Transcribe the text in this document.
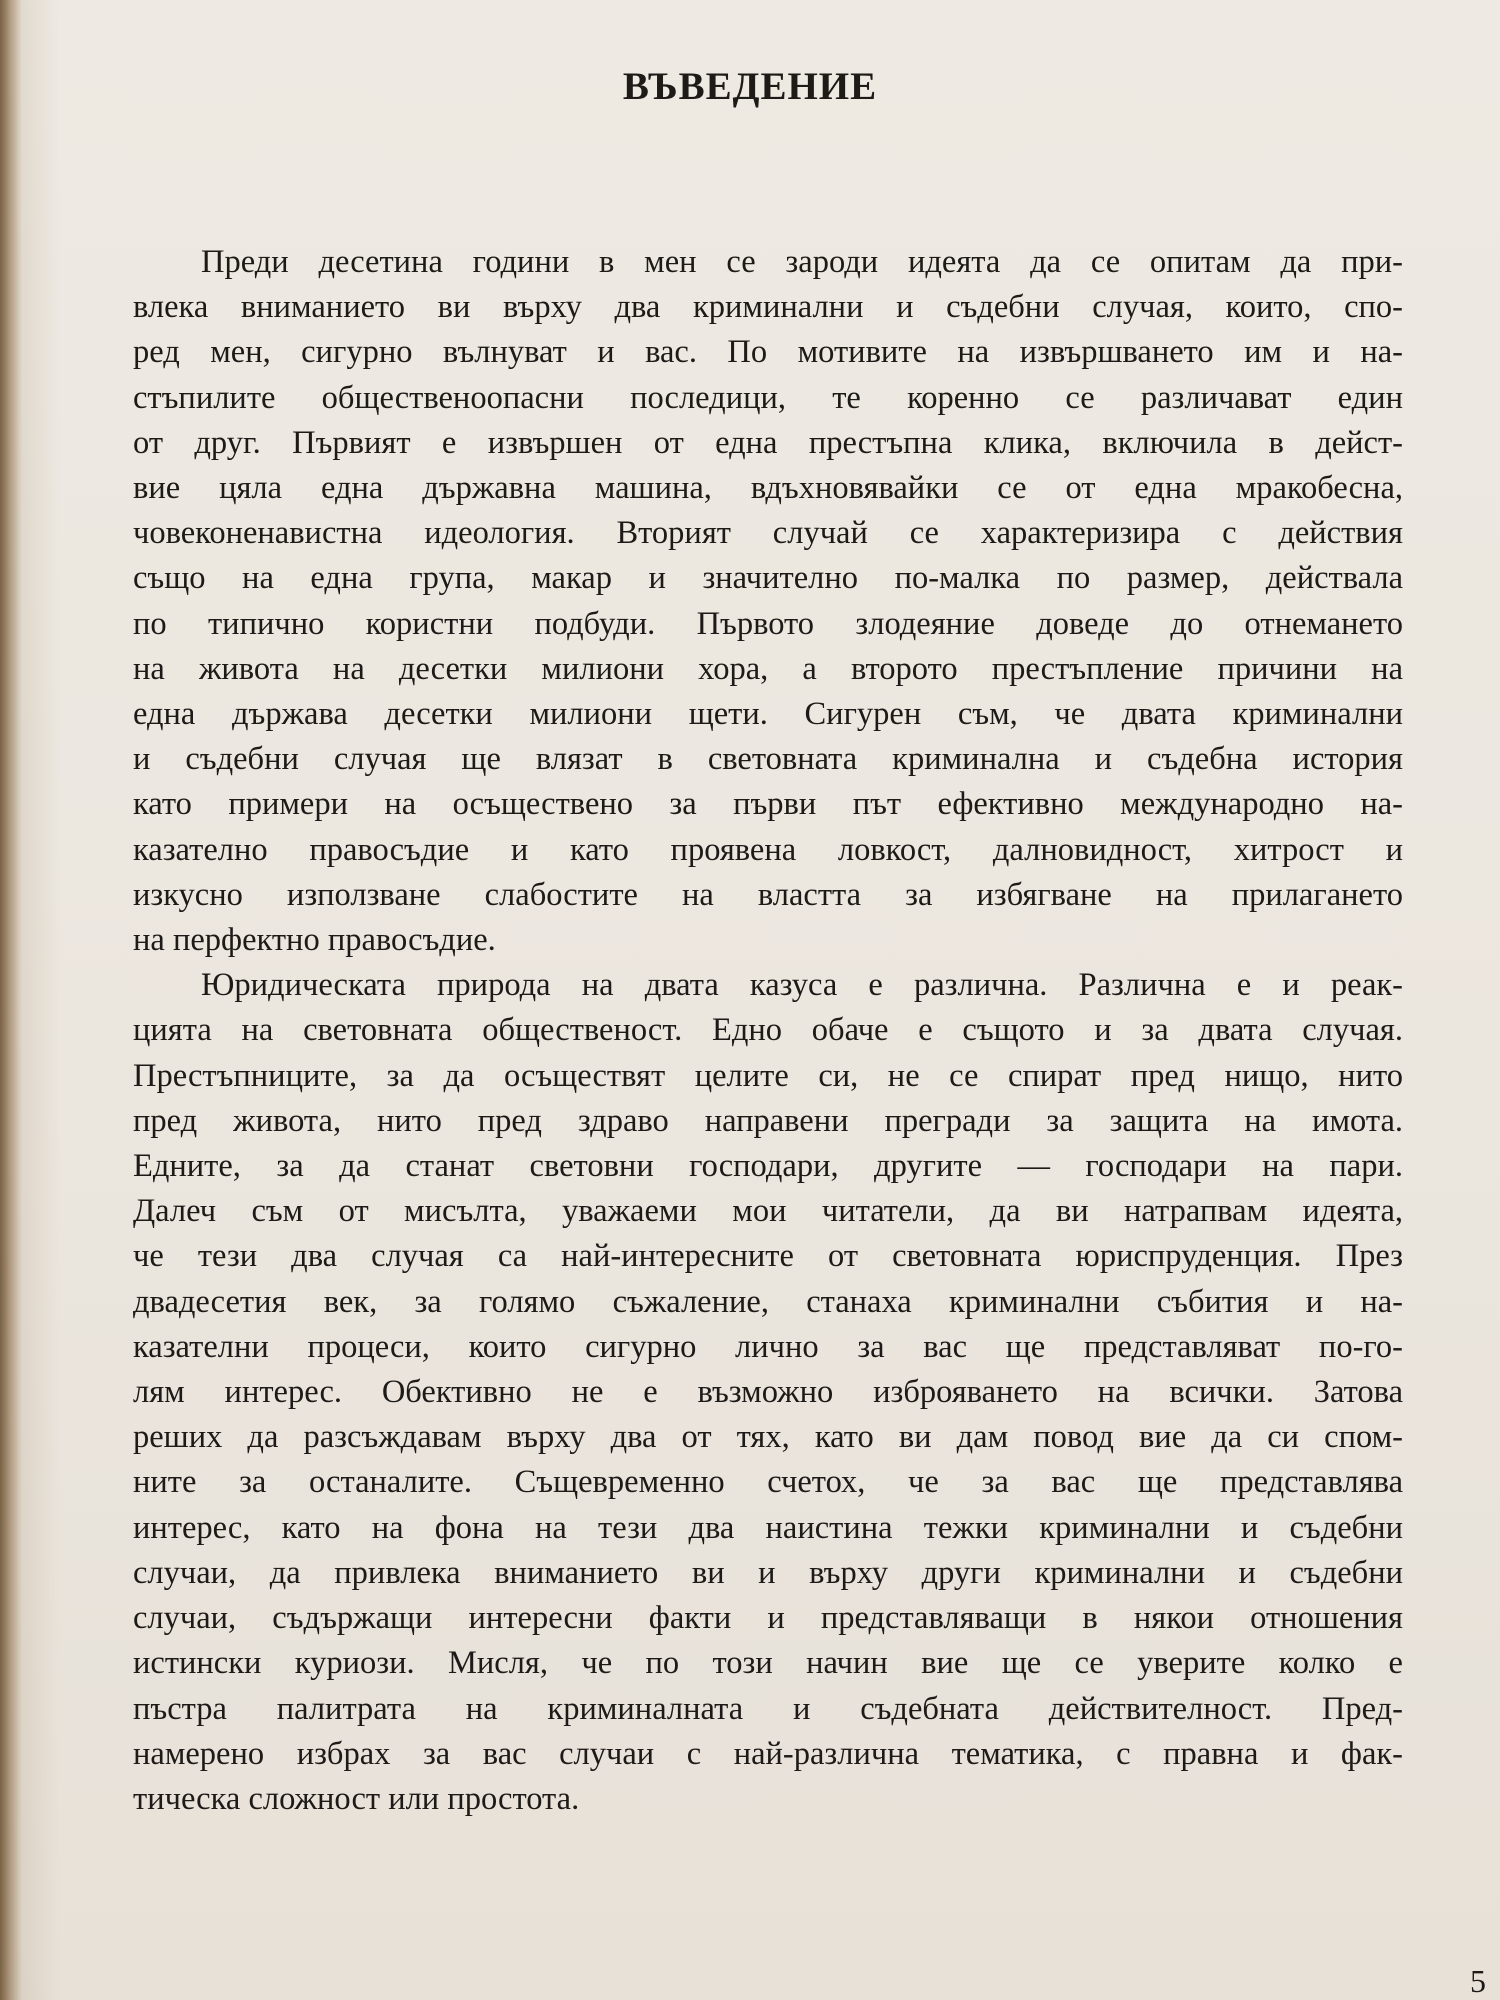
ВЪВЕДЕНИЕ

Преди десетина години в мен се зароди идеята да се опитам да при-
влека вниманието ви върху два криминални и съдебни случая, които, спо-
ред мен, сигурно вълнуват и вас. По мотивите на извършването им и на-
стъпилите общественоопасни последици, те коренно се различават един
от друг. Първият е извършен от една престъпна клика, включила в дейст-
вие цяла една държавна машина, вдъхновявайки се от една мракобесна,
човеконенавистна идеология. Вторият случай се характеризира с действия
също на една група, макар и значително по-малка по размер, действала
по типично користни подбуди. Първото злодеяние доведе до отнемането
на живота на десетки милиони хора, а второто престъпление причини на
една държава десетки милиони щети. Сигурен съм, че двата криминални
и съдебни случая ще влязат в световната криминална и съдебна история
като примери на осъществено за първи път ефективно международно на-
казателно правосъдие и като проявена ловкост, далновидност, хитрост и
изкусно използване слабостите на властта за избягване на прилагането
на перфектно правосъдие.

Юридическата природа на двата казуса е различна. Различна е и реак-
цията на световната общественост. Едно обаче е същото и за двата случая.
Престъпниците, за да осъществят целите си, не се спират пред нищо, нито
пред живота, нито пред здраво направени прегради за защита на имота.
Едните, за да станат световни господари, другите — господари на пари.
Далеч съм от мисълта, уважаеми мои читатели, да ви натрапвам идеята,
че тези два случая са най-интересните от световната юриспруденция. През
двадесетия век, за голямо съжаление, станаха криминални събития и на-
казателни процеси, които сигурно лично за вас ще представляват по-го-
лям интерес. Обективно не е възможно изброяването на всички. Затова
реших да разсъждавам върху два от тях, като ви дам повод вие да си спом-
ните за останалите. Същевременно счетох, че за вас ще представлява
интерес, като на фона на тези два наистина тежки криминални и съдебни
случаи, да привлека вниманието ви и върху други криминални и съдебни
случаи, съдържащи интересни факти и представляващи в някои отношения
истински куриози. Мисля, че по този начин вие ще се уверите колко е
пъстра палитрата на криминалната и съдебната действителност. Пред-
намерено избрах за вас случаи с най-различна тематика, с правна и фак-
тическа сложност или простота.

5
